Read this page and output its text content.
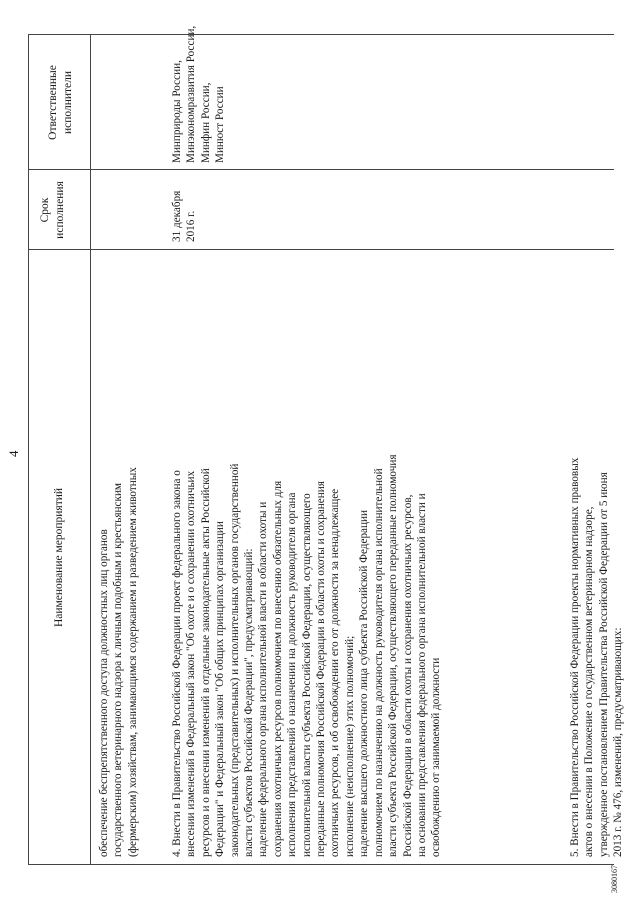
4
Наименование мероприятий
Срок исполнения
Ответственные исполнители
обеспечение беспрепятственного доступа должностных лиц органов государственного ветеринарного надзора к личным подобным и крестьянским (фермерским) хозяйствам, занимающимся содержанием и разведением животных	4. Внести в Правительство Российской Федерации проект федерального закона о внесении изменений в Федеральный закон "Об охоте и о сохранении охотничьих ресурсов и о внесении изменений в отдельные законодательные акты Российской Федерации" и Федеральный закон "Об общих принципах организации законодательных (представительных) и исполнительных органов государственной власти субъектов Российской Федерации", предусматривающий: наделение федерального органа исполнительной власти в области охоты и сохранения охотничьих ресурсов полномочием по внесению обязательных для исполнения представлений о назначении на должность руководителя органа исполнительной власти субъекта Российской Федерации, осуществляющего переданные полномочия Российской Федерации в области охоты и сохранения охотничьих ресурсов, и об освобождении его от должности за ненадлежащее исполнение (неисполнение) этих полномочий; наделение высшего должностного лица субъекта Российской Федерации полномочием по назначению на должность руководителя органа исполнительной власти субъекта Российской Федерации, осуществляющего переданные полномочия Российской Федерации в области охоты и сохранения охотничьих ресурсов, на основании представления федерального органа исполнительной власти и освобождению от занимаемой должности
31 декабря 2016 г.
Минприроды России, Минэкономразвития России, Минфин России, Минюст России
5. Внести в Правительство Российской Федерации проекты нормативных правовых актов о внесении в Положение о государственном ветеринарном надзоре, утвержденное постановлением Правительства Российской Федерации от 5 июня 2013 г. № 476, изменений, предусматривающих:
3080167
